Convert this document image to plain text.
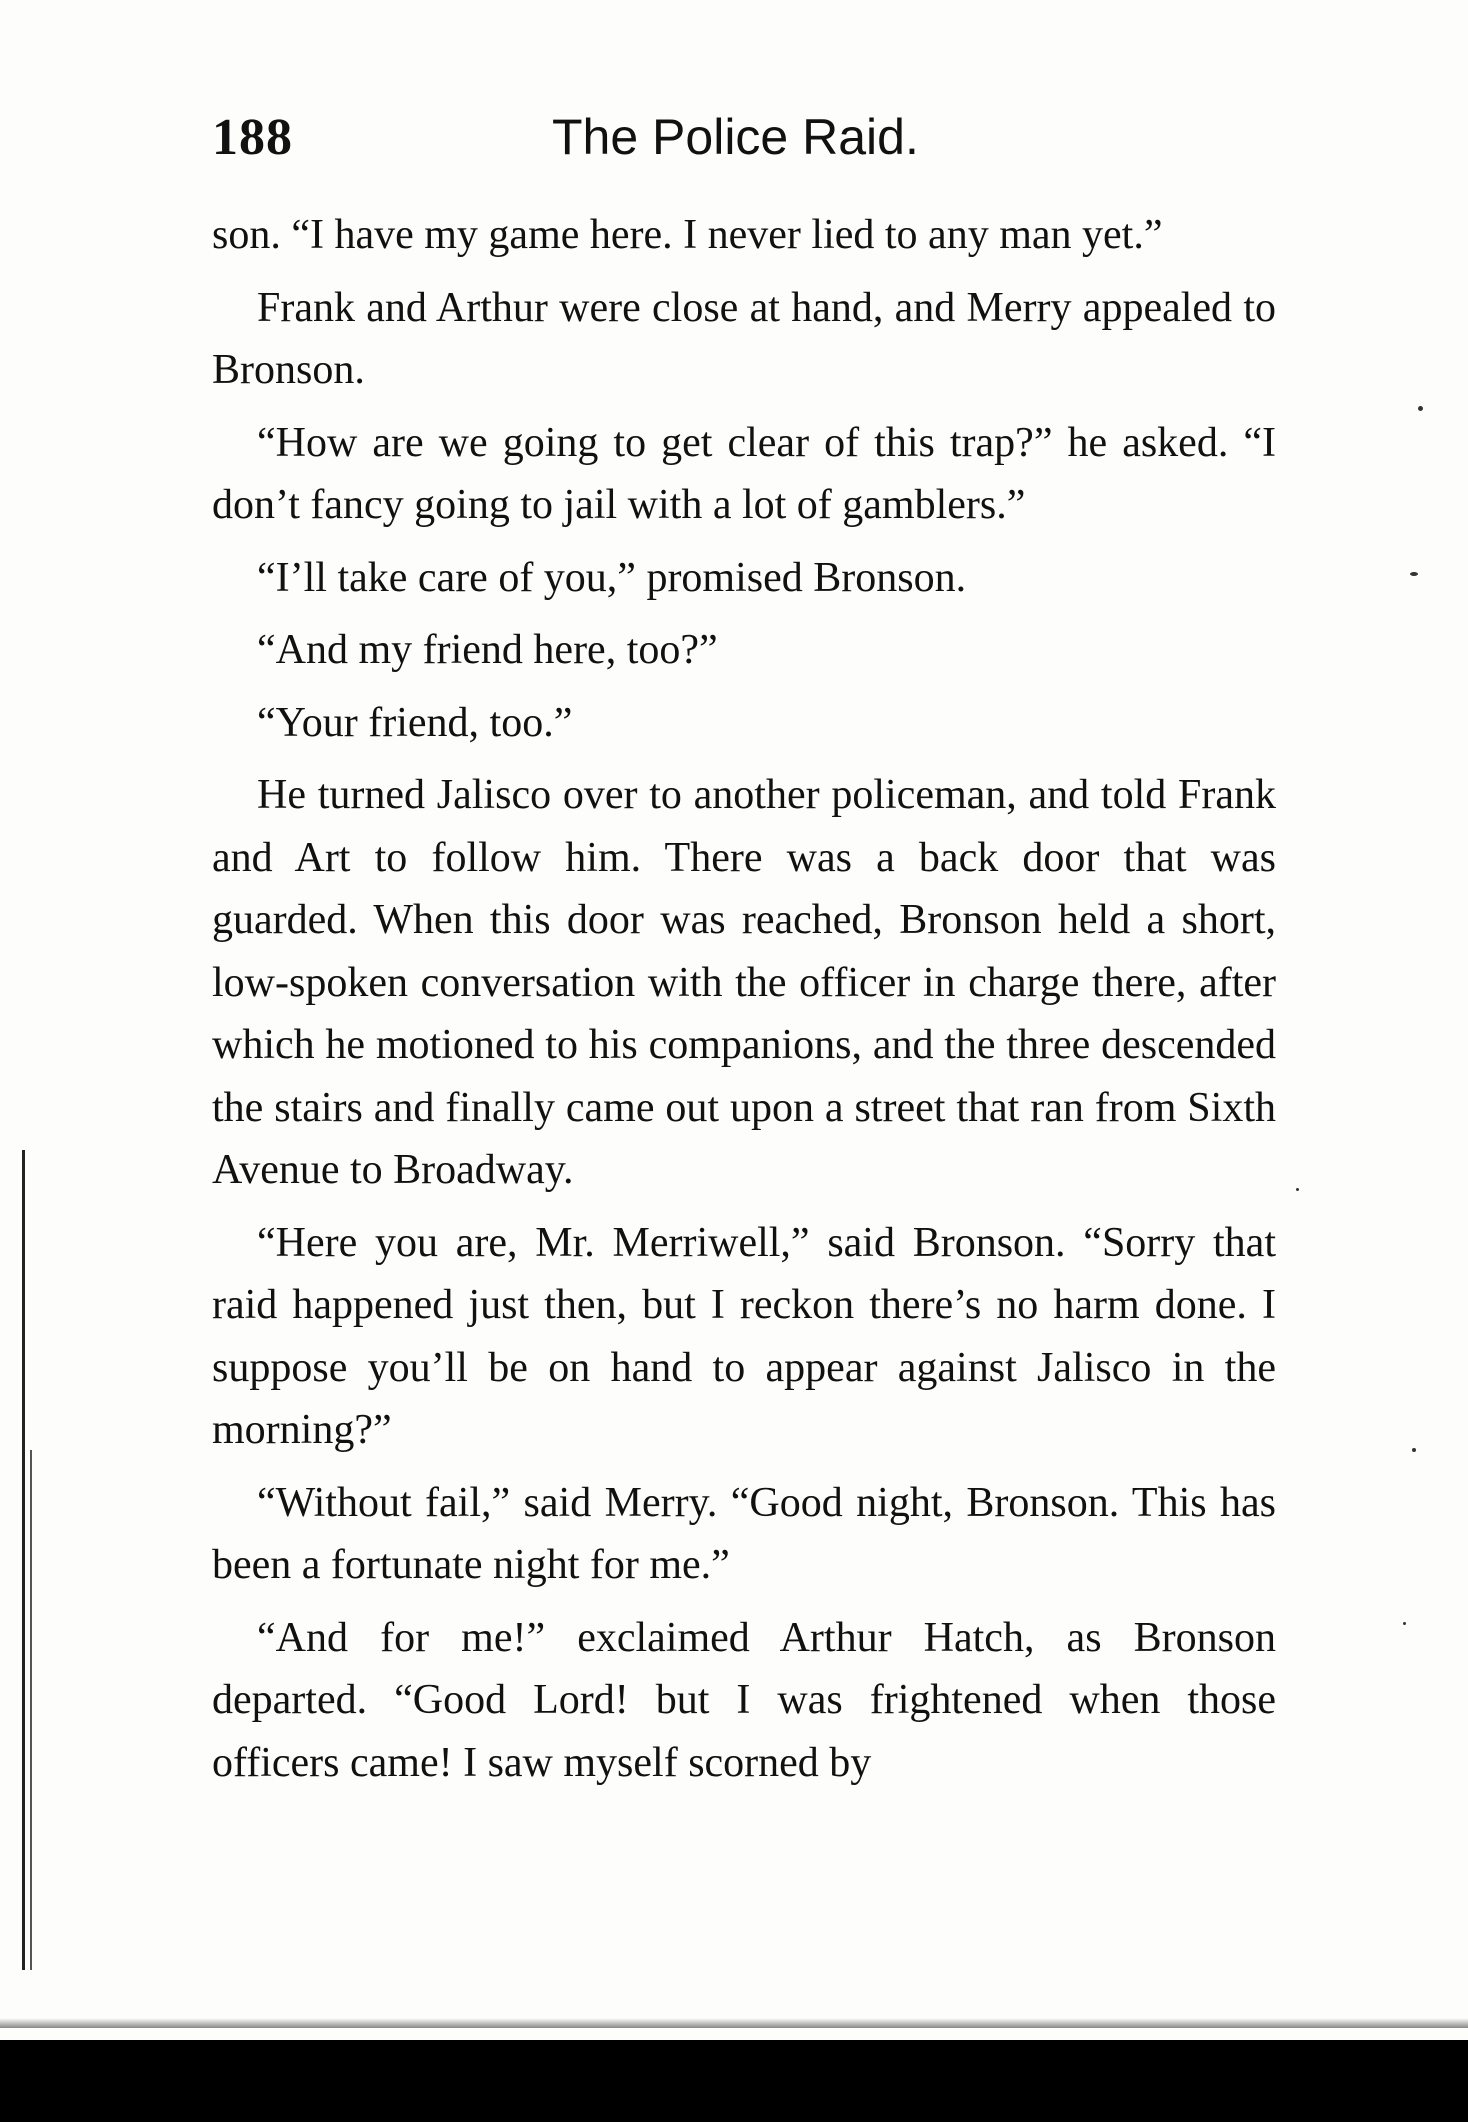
188	The Police Raid.

son. “I have my game here. I never lied to any man yet.”

Frank and Arthur were close at hand, and Merry appealed to Bronson.

“How are we going to get clear of this trap?” he asked. “I don’t fancy going to jail with a lot of gamblers.”

“I’ll take care of you,” promised Bronson.

“And my friend here, too?”

“Your friend, too.”

He turned Jalisco over to another policeman, and told Frank and Art to follow him. There was a back door that was guarded. When this door was reached, Bronson held a short, low-spoken conversation with the officer in charge there, after which he motioned to his companions, and the three descended the stairs and finally came out upon a street that ran from Sixth Avenue to Broadway.

“Here you are, Mr. Merriwell,” said Bronson. “Sorry that raid happened just then, but I reckon there’s no harm done. I suppose you’ll be on hand to appear against Jalisco in the morning?”

“Without fail,” said Merry. “Good night, Bronson. This has been a fortunate night for me.”

“And for me!” exclaimed Arthur Hatch, as Bronson departed. “Good Lord! but I was frightened when those officers came! I saw myself scorned by
